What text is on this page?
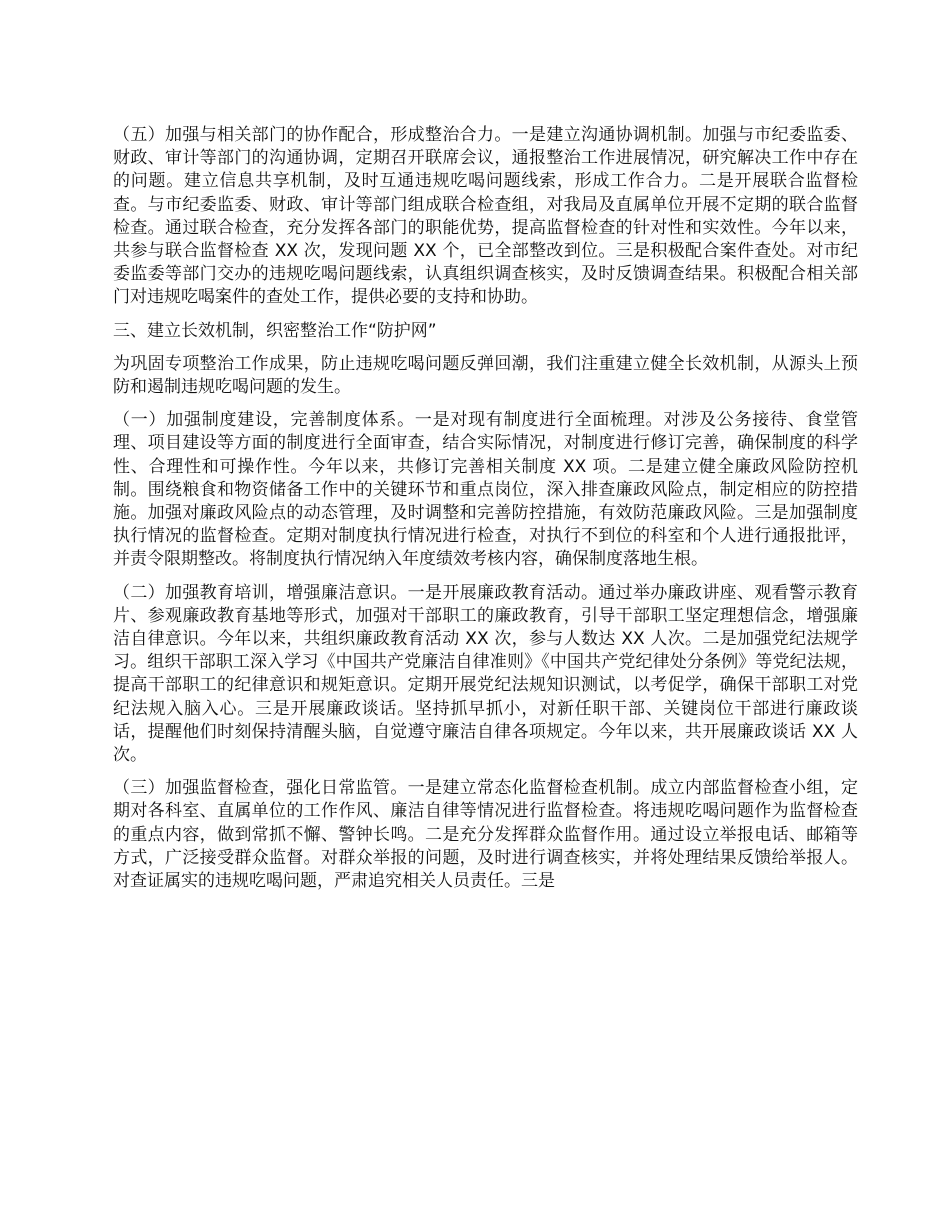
（五）加强与相关部门的协作配合，形成整治合力。一是建立沟通协调机制。加强与市纪委监委、财政、审计等部门的沟通协调，定期召开联席会议，通报整治工作进展情况，研究解决工作中存在的问题。建立信息共享机制，及时互通违规吃喝问题线索，形成工作合力。二是开展联合监督检查。与市纪委监委、财政、审计等部门组成联合检查组，对我局及直属单位开展不定期的联合监督检查。通过联合检查，充分发挥各部门的职能优势，提高监督检查的针对性和实效性。今年以来，共参与联合监督检查 XX 次，发现问题 XX 个，已全部整改到位。三是积极配合案件查处。对市纪委监委等部门交办的违规吃喝问题线索，认真组织调查核实，及时反馈调查结果。积极配合相关部门对违规吃喝案件的查处工作，提供必要的支持和协助。

三、建立长效机制，织密整治工作“防护网”

为巩固专项整治工作成果，防止违规吃喝问题反弹回潮，我们注重建立健全长效机制，从源头上预防和遏制违规吃喝问题的发生。

（一）加强制度建设，完善制度体系。一是对现有制度进行全面梳理。对涉及公务接待、食堂管理、项目建设等方面的制度进行全面审查，结合实际情况，对制度进行修订完善，确保制度的科学性、合理性和可操作性。今年以来，共修订完善相关制度 XX 项。二是建立健全廉政风险防控机制。围绕粮食和物资储备工作中的关键环节和重点岗位，深入排查廉政风险点，制定相应的防控措施。加强对廉政风险点的动态管理，及时调整和完善防控措施，有效防范廉政风险。三是加强制度执行情况的监督检查。定期对制度执行情况进行检查，对执行不到位的科室和个人进行通报批评，并责令限期整改。将制度执行情况纳入年度绩效考核内容，确保制度落地生根。

（二）加强教育培训，增强廉洁意识。一是开展廉政教育活动。通过举办廉政讲座、观看警示教育片、参观廉政教育基地等形式，加强对干部职工的廉政教育，引导干部职工坚定理想信念，增强廉洁自律意识。今年以来，共组织廉政教育活动 XX 次，参与人数达 XX 人次。二是加强党纪法规学习。组织干部职工深入学习《中国共产党廉洁自律准则》《中国共产党纪律处分条例》等党纪法规，提高干部职工的纪律意识和规矩意识。定期开展党纪法规知识测试，以考促学，确保干部职工对党纪法规入脑入心。三是开展廉政谈话。坚持抓早抓小，对新任职干部、关键岗位干部进行廉政谈话，提醒他们时刻保持清醒头脑，自觉遵守廉洁自律各项规定。今年以来，共开展廉政谈话 XX 人次。

（三）加强监督检查，强化日常监管。一是建立常态化监督检查机制。成立内部监督检查小组，定期对各科室、直属单位的工作作风、廉洁自律等情况进行监督检查。将违规吃喝问题作为监督检查的重点内容，做到常抓不懈、警钟长鸣。二是充分发挥群众监督作用。通过设立举报电话、邮箱等方式，广泛接受群众监督。对群众举报的问题，及时进行调查核实，并将处理结果反馈给举报人。对查证属实的违规吃喝问题，严肃追究相关人员责任。三是
